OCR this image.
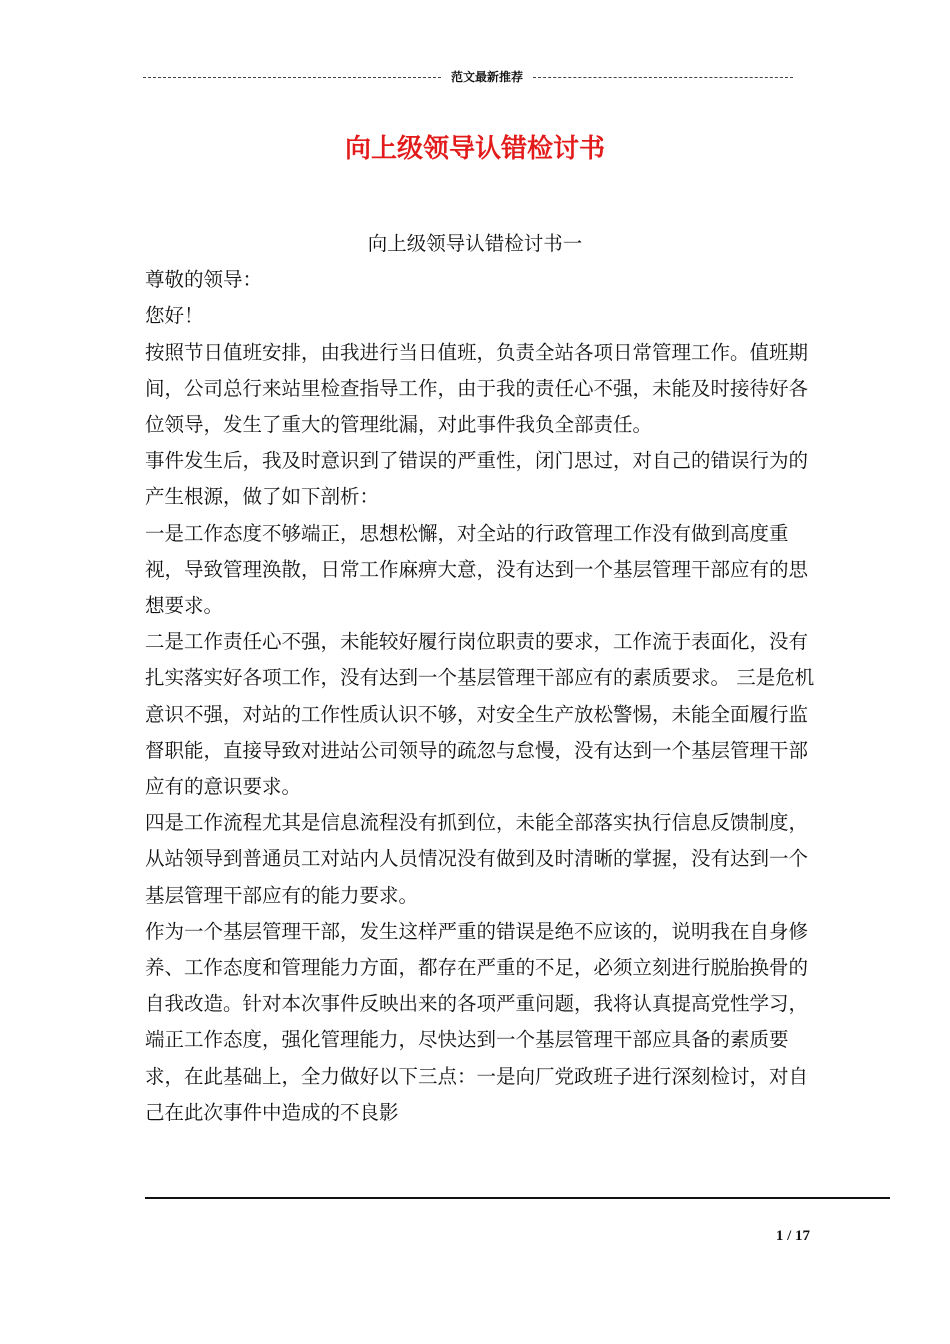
范文最新推荐
向上级领导认错检讨书
向上级领导认错检讨书一
尊敬的领导：
您好！
按照节日值班安排，由我进行当日值班，负责全站各项日常管理工作。值班期间，公司总行来站里检查指导工作，由于我的责任心不强，未能及时接待好各位领导，发生了重大的管理纰漏，对此事件我负全部责任。
事件发生后，我及时意识到了错误的严重性，闭门思过，对自己的错误行为的产生根源，做了如下剖析：
一是工作态度不够端正，思想松懈，对全站的行政管理工作没有做到高度重视，导致管理涣散，日常工作麻痹大意，没有达到一个基层管理干部应有的思想要求。
二是工作责任心不强，未能较好履行岗位职责的要求，工作流于表面化，没有扎实落实好各项工作，没有达到一个基层管理干部应有的素质要求。 三是危机意识不强，对站的工作性质认识不够，对安全生产放松警惕，未能全面履行监督职能，直接导致对进站公司领导的疏忽与怠慢，没有达到一个基层管理干部应有的意识要求。
四是工作流程尤其是信息流程没有抓到位，未能全部落实执行信息反馈制度，从站领导到普通员工对站内人员情况没有做到及时清晰的掌握，没有达到一个基层管理干部应有的能力要求。
作为一个基层管理干部，发生这样严重的错误是绝不应该的，说明我在自身修养、工作态度和管理能力方面，都存在严重的不足，必须立刻进行脱胎换骨的自我改造。针对本次事件反映出来的各项严重问题，我将认真提高党性学习，端正工作态度，强化管理能力，尽快达到一个基层管理干部应具备的素质要求，在此基础上，全力做好以下三点：一是向厂党政班子进行深刻检讨，对自己在此次事件中造成的不良影
1 / 17
